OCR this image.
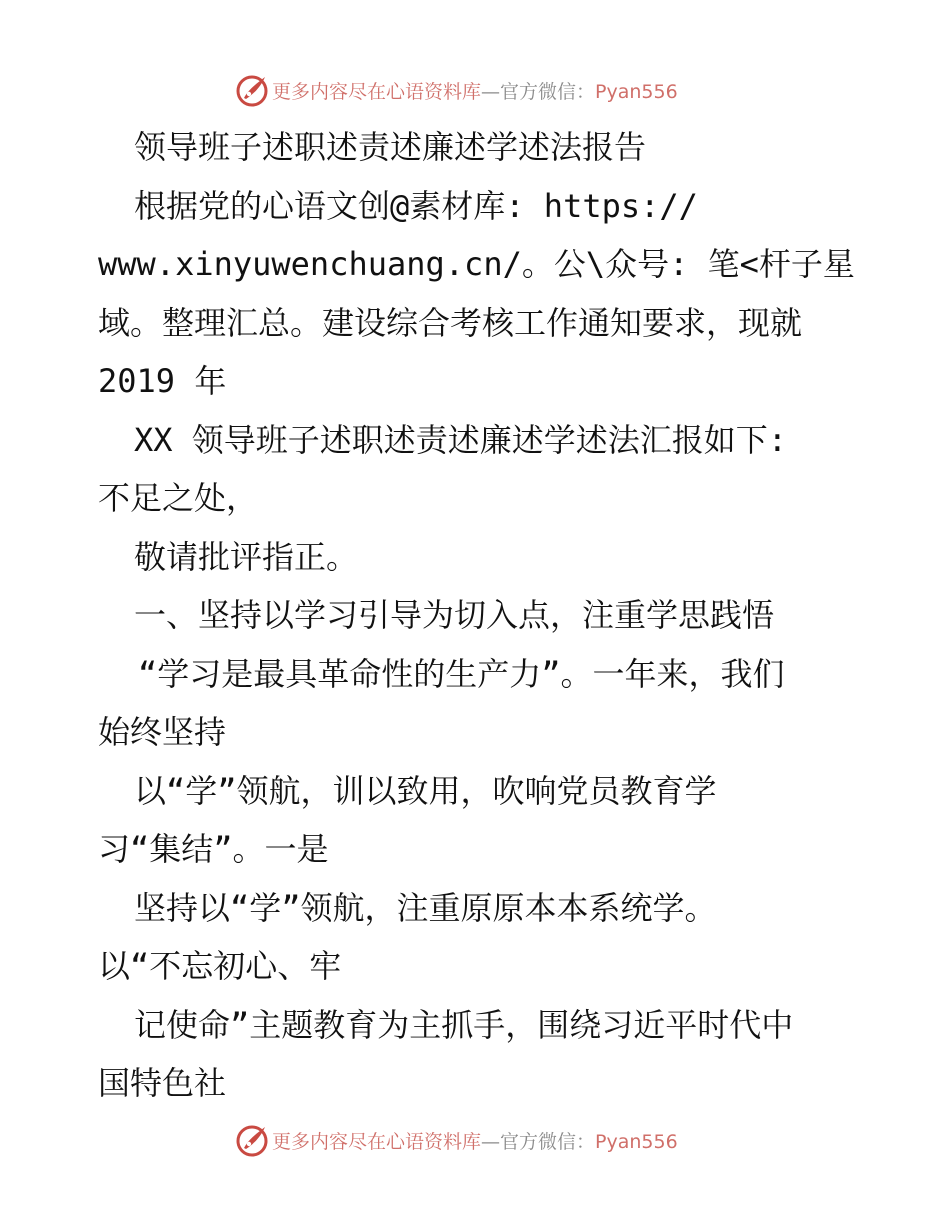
更多内容尽在心语资料库—官方微信：Pyan556
领导班子述职述责述廉述学述法报告
根据党的心语文创@素材库: https://
www.xinyuwenchuang.cn/。公\众号: 笔<杆子星
域。整理汇总。建设综合考核工作通知要求，现就
2019 年
XX 领导班子述职述责述廉述学述法汇报如下:
不足之处，
敬请批评指正。
一、坚持以学习引导为切入点，注重学思践悟
“学习是最具革命性的生产力”。一年来，我们
始终坚持
以“学”领航，训以致用，吹响党员教育学
习“集结”。一是
坚持以“学”领航，注重原原本本系统学。
以“不忘初心、牢
记使命”主题教育为主抓手，围绕习近平时代中
国特色社
更多内容尽在心语资料库—官方微信：Pyan556
